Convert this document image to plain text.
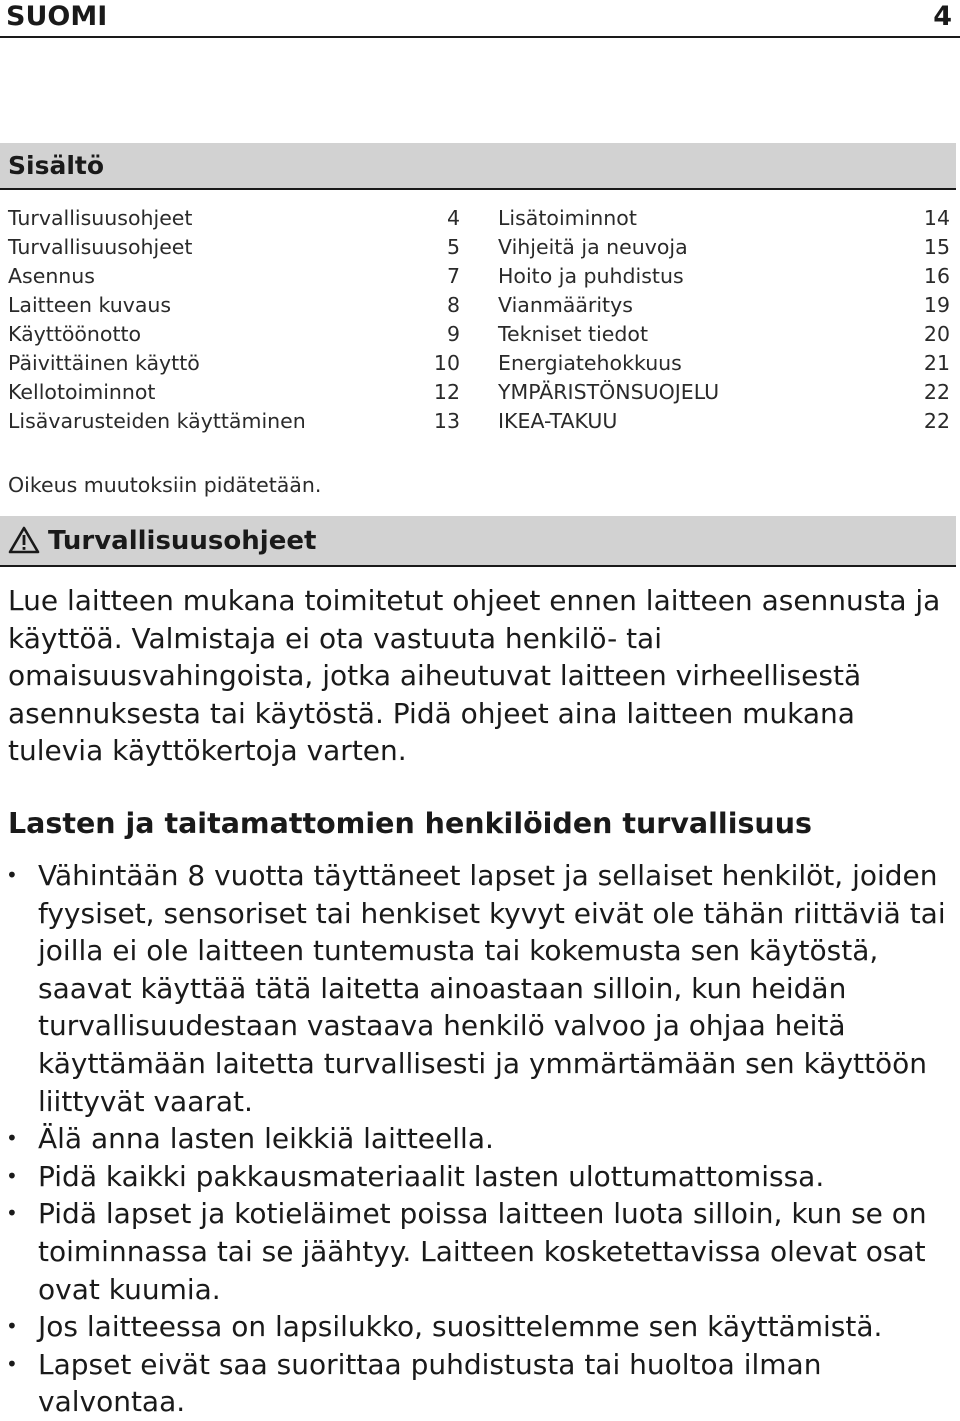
SUOMI	4
Sisältö
Turvallisuusohjeet	4
Turvallisuusohjeet	5
Asennus	7
Laitteen kuvaus	8
Käyttöönotto	9
Päivittäinen käyttö	10
Kellotoiminnot	12
Lisävarusteiden käyttäminen	13
Lisätoiminnot	14
Vihjeitä ja neuvoja	15
Hoito ja puhdistus	16
Vianmääritys	19
Tekniset tiedot	20
Energiatehokkuus	21
YMPÄRISTÖNSUOJELU	22
IKEA-TAKUU	22
Oikeus muutoksiin pidätetään.
Turvallisuusohjeet

Lue laitteen mukana toimitetut ohjeet ennen laitteen asennusta ja käyttöä. Valmistaja ei ota vastuuta henkilö- tai omaisuusvahingoista, jotka aiheutuvat laitteen virheellisestä asennuksesta tai käytöstä. Pidä ohjeet aina laitteen mukana tulevia käyttökertoja varten.

Lasten ja taitamattomien henkilöiden turvallisuus
• Vähintään 8 vuotta täyttäneet lapset ja sellaiset henkilöt, joiden fyysiset, sensoriset tai henkiset kyvyt eivät ole tähän riittäviä tai joilla ei ole laitteen tuntemusta tai kokemusta sen käytöstä, saavat käyttää tätä laitetta ainoastaan silloin, kun heidän turvallisuudestaan vastaava henkilö valvoo ja ohjaa heitä käyttämään laitetta turvallisesti ja ymmärtämään sen käyttöön liittyvät vaarat.
• Älä anna lasten leikkiä laitteella.
• Pidä kaikki pakkausmateriaalit lasten ulottumattomissa.
• Pidä lapset ja kotieläimet poissa laitteen luota silloin, kun se on toiminnassa tai se jäähtyy. Laitteen kosketettavissa olevat osat ovat kuumia.
• Jos laitteessa on lapsilukko, suosittelemme sen käyttämistä.
• Lapset eivät saa suorittaa puhdistusta tai huoltoa ilman valvontaa.
